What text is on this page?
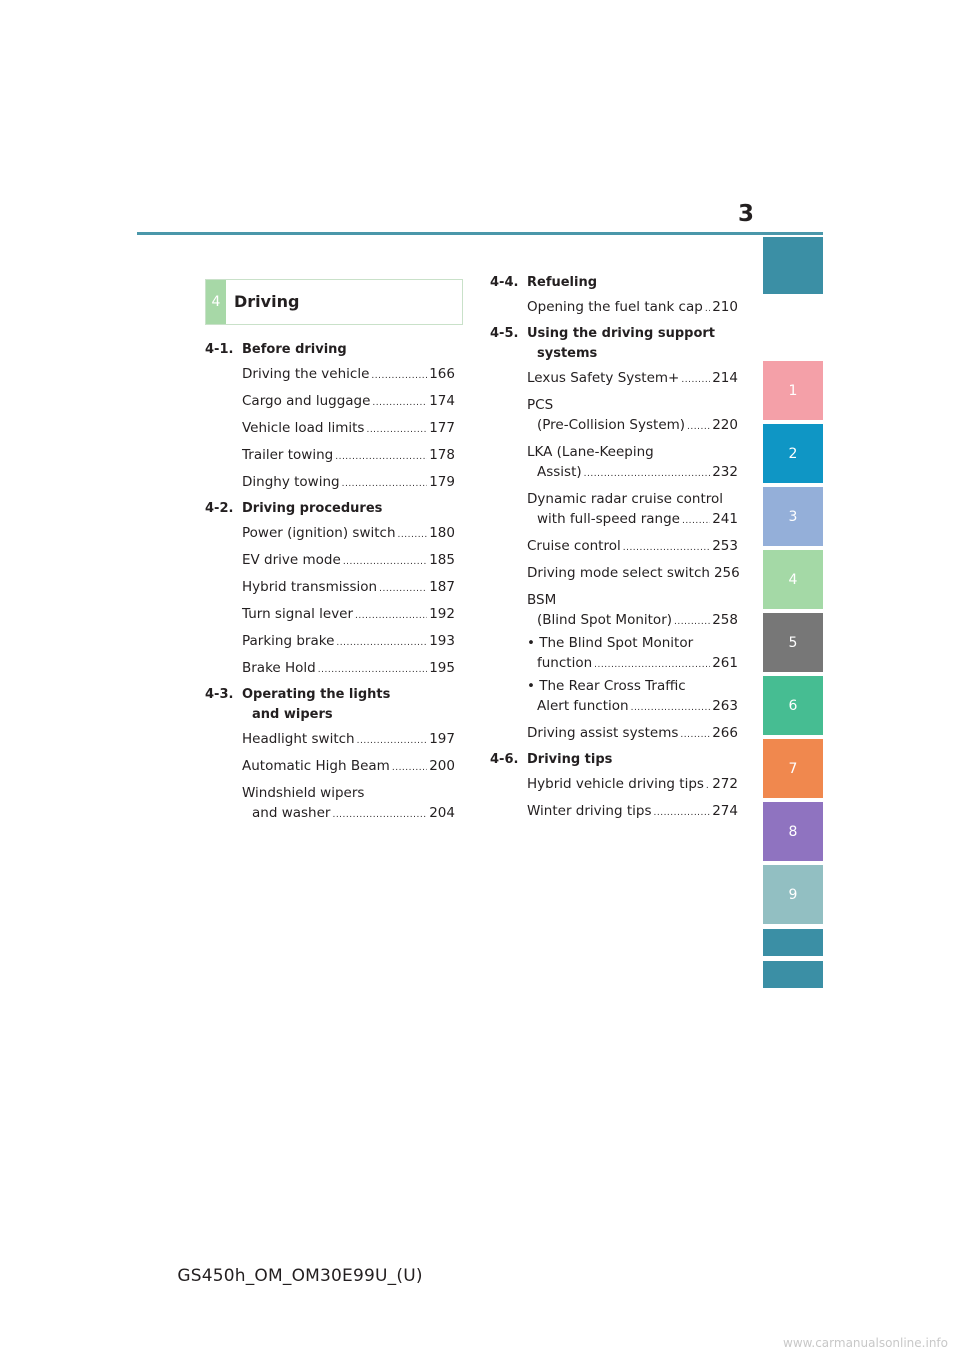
3
4 Driving
4-1. Before driving
Driving the vehicle .....	166
Cargo and luggage .....	174
Vehicle load limits .....	177
Trailer towing .....	178
Dinghy towing .....	179
4-2. Driving procedures
Power (ignition) switch ..... 180
EV drive mode .....	185
Hybrid transmission .....	187
Turn signal lever .....	192
Parking brake .....	193
Brake Hold .....	195
4-3. Operating the lights
and wipers
Headlight switch .....	197
Automatic High Beam .....	200
Windshield wipers
and washer .....	204
4-4. Refueling
Opening the fuel tank cap ..... 210
4-5. Using the driving support
systems
Lexus Safety System+ ..... 214
PCS
(Pre-Collision System) ..... 220
LKA (Lane-Keeping
Assist) .....	232
Dynamic radar cruise control
with full-speed range ..... 241
Cruise control .....	253
Driving mode select switch 256
BSM
(Blind Spot Monitor) .....	258
• The Blind Spot Monitor
function .....	261
• The Rear Cross Traffic
Alert function .....	263
Driving assist systems .....	266
4-6. Driving tips
Hybrid vehicle driving tips ..... 272
Winter driving tips .....	274
1
2
3
4
5
6
7
8
9
GS450h_OM_OM30E99U_(U)
www.carmanualsonline.info
